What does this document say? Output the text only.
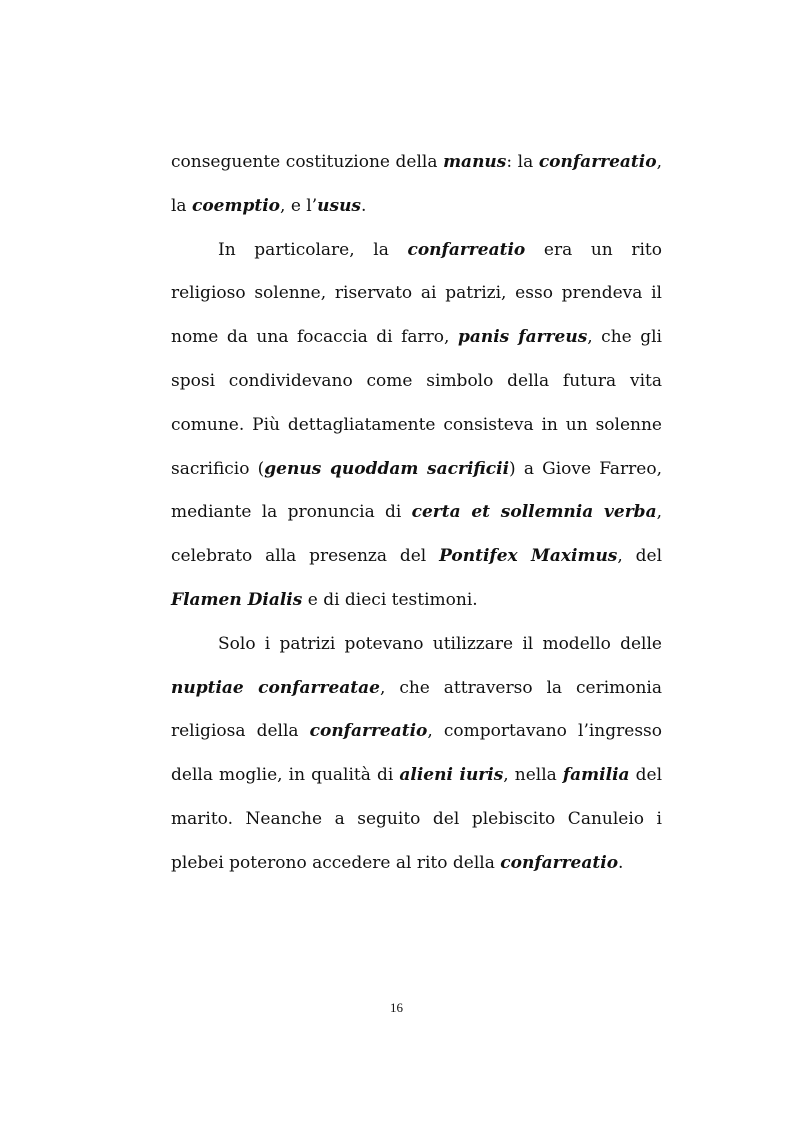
conseguente costituzione della manus: la confarreatio, la coemptio, e l’usus.

In particolare, la confarreatio era un rito religioso solenne, riservato ai patrizi, esso prendeva il nome da una focaccia di farro, panis farreus, che gli sposi condividevano come simbolo della futura vita comune. Più dettagliatamente consisteva in un solenne sacrificio (genus quoddam sacrificii) a Giove Farreo, mediante la pronuncia di certa et sollemnia verba, celebrato alla presenza del Pontifex Maximus, del Flamen Dialis e di dieci testimoni.

Solo i patrizi potevano utilizzare il modello delle nuptiae confarreatae, che attraverso la cerimonia religiosa della confarreatio, comportavano l’ingresso della moglie, in qualità di alieni iuris, nella familia del marito. Neanche a seguito del plebiscito Canuleio i plebei poterono accedere al rito della confarreatio.

16
